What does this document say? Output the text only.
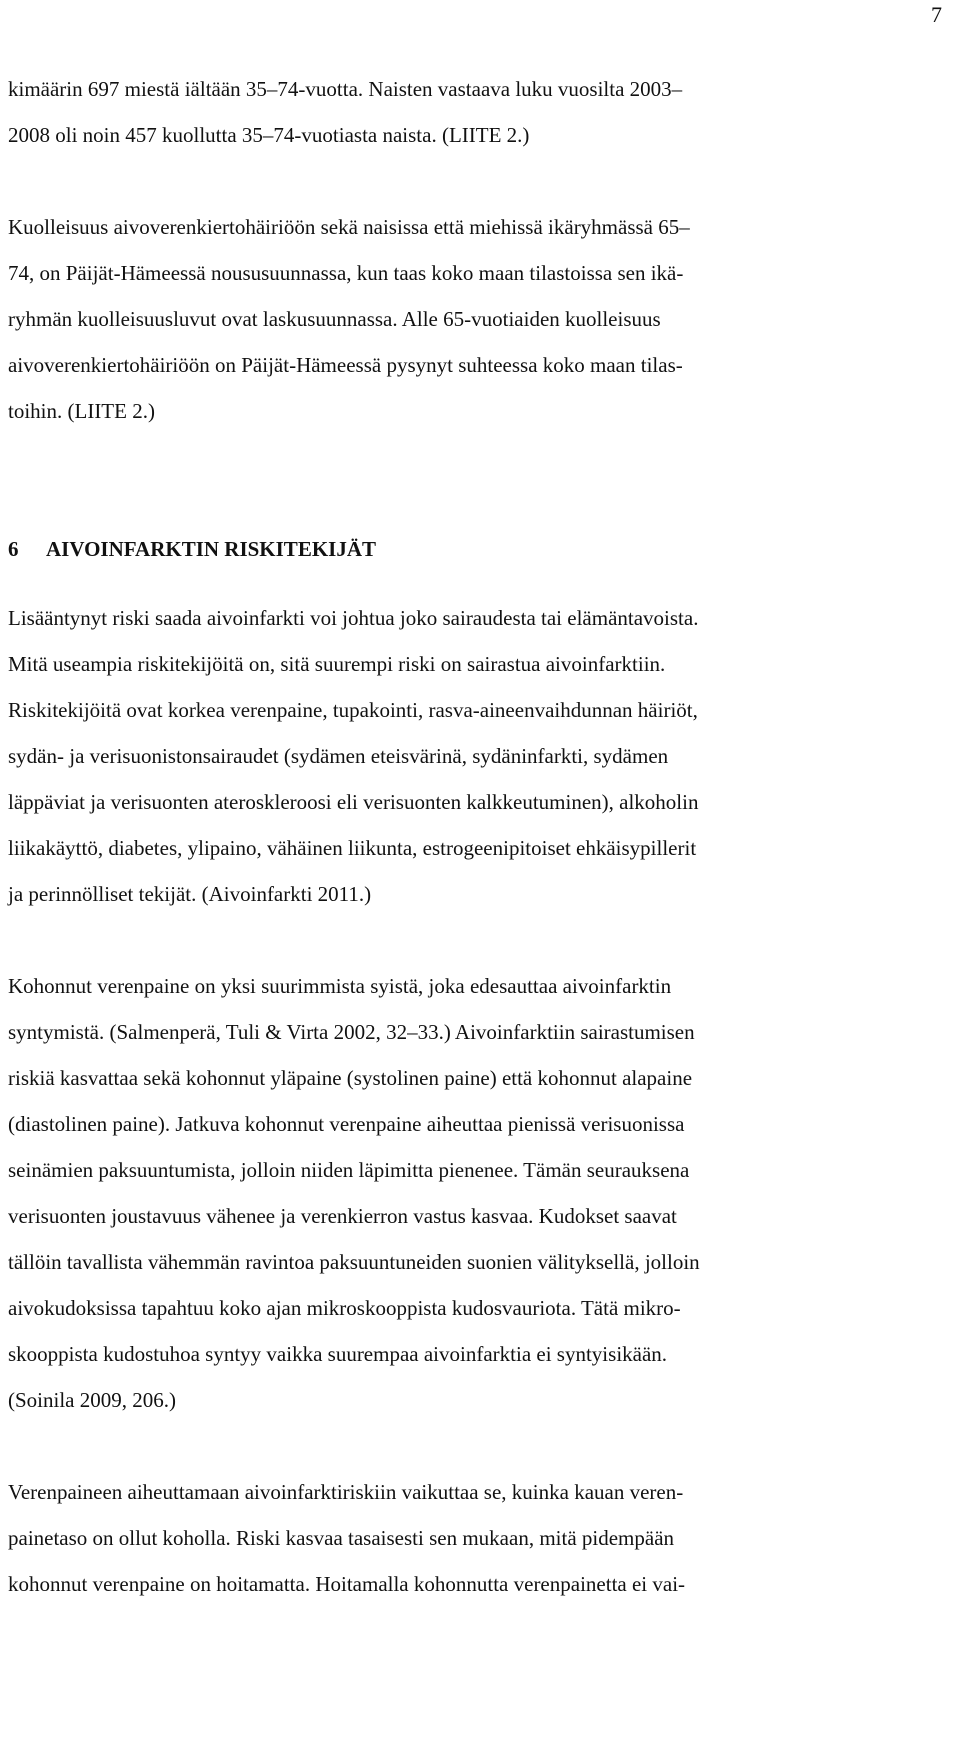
7

kimäärin 697 miestä iältään 35–74-vuotta. Naisten vastaava luku vuosilta 2003–
2008 oli noin 457 kuollutta 35–74-vuotiasta naista. (LIITE 2.)

Kuolleisuus aivoverenkiertohäiriöön sekä naisissa että miehissä ikäryhmässä 65–
74, on Päijät-Hämeessä noususuunnassa, kun taas koko maan tilastoissa sen ikä-
ryhmän kuolleisuusluvut ovat laskusuunnassa. Alle 65-vuotiaiden kuolleisuus
aivoverenkiertohäiriöön on Päijät-Hämeessä pysynyt suhteessa koko maan tilas-
toihin. (LIITE 2.)

6 AIVOINFARKTIN RISKITEKIJÄT

Lisääntynyt riski saada aivoinfarkti voi johtua joko sairaudesta tai elämäntavoista.
Mitä useampia riskitekijöitä on, sitä suurempi riski on sairastua aivoinfarktiin.
Riskitekijöitä ovat korkea verenpaine, tupakointi, rasva-aineenvaihdunnan häiriöt,
sydän- ja verisuonistonsairaudet (sydämen eteisvärinä, sydäninfarkti, sydämen
läppäviat ja verisuonten ateroskleroosi eli verisuonten kalkkeutuminen), alkoholin
liikakäyttö, diabetes, ylipaino, vähäinen liikunta, estrogeenipitoiset ehkäisypillerit
ja perinnölliset tekijät. (Aivoinfarkti 2011.)

Kohonnut verenpaine on yksi suurimmista syistä, joka edesauttaa aivoinfarktin
syntymistä. (Salmenperä, Tuli & Virta 2002, 32–33.) Aivoinfarktiin sairastumisen
riskiä kasvattaa sekä kohonnut yläpaine (systolinen paine) että kohonnut alapaine
(diastolinen paine). Jatkuva kohonnut verenpaine aiheuttaa pienissä verisuonissa
seinämien paksuuntumista, jolloin niiden läpimitta pienenee. Tämän seurauksena
verisuonten joustavuus vähenee ja verenkierron vastus kasvaa. Kudokset saavat
tällöin tavallista vähemmän ravintoa paksuuntuneiden suonien välityksellä, jolloin
aivokudoksissa tapahtuu koko ajan mikroskooppista kudosvauriota. Tätä mikro-
skooppista kudostuhoa syntyy vaikka suurempaa aivoinfarktia ei syntyisikään.
(Soinila 2009, 206.)

Verenpaineen aiheuttamaan aivoinfarktiriskiin vaikuttaa se, kuinka kauan veren-
painetaso on ollut koholla. Riski kasvaa tasaisesti sen mukaan, mitä pidempään
kohonnut verenpaine on hoitamatta. Hoitamalla kohonnutta verenpainetta ei vai-
